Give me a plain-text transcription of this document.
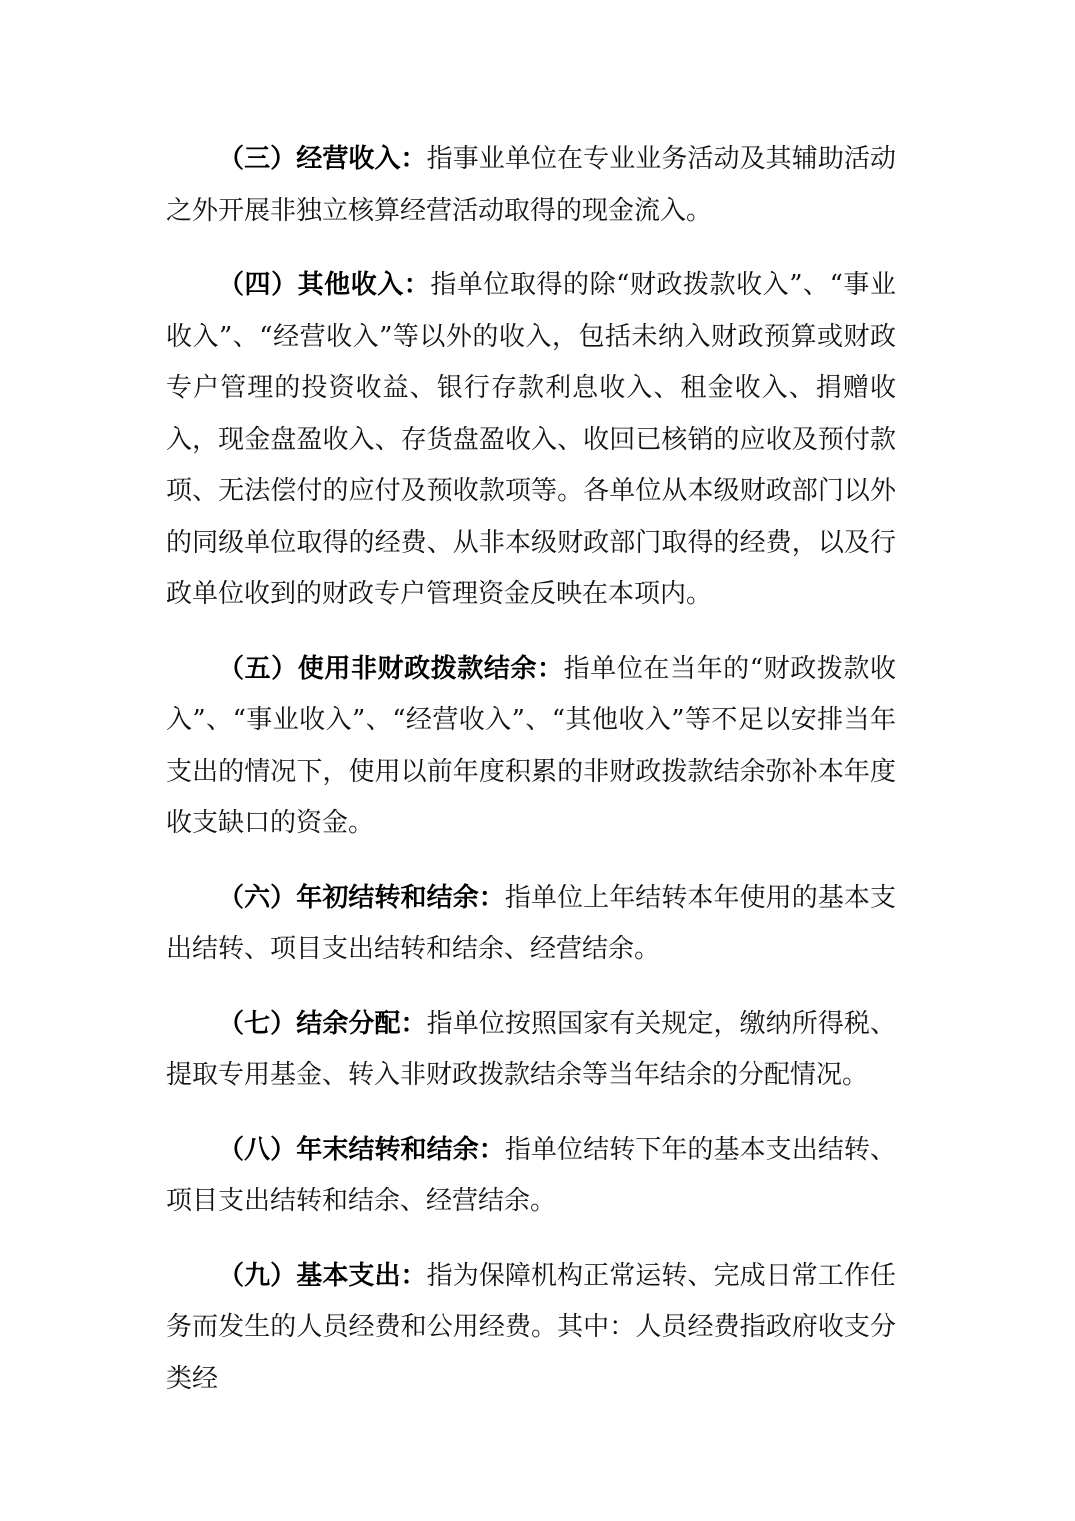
（三）经营收入：指事业单位在专业业务活动及其辅助活动之外开展非独立核算经营活动取得的现金流入。

（四）其他收入：指单位取得的除“财政拨款收入”、“事业收入”、“经营收入”等以外的收入，包括未纳入财政预算或财政专户管理的投资收益、银行存款利息收入、租金收入、捐赠收入，现金盘盈收入、存货盘盈收入、收回已核销的应收及预付款项、无法偿付的应付及预收款项等。各单位从本级财政部门以外的同级单位取得的经费、从非本级财政部门取得的经费，以及行政单位收到的财政专户管理资金反映在本项内。

（五）使用非财政拨款结余：指单位在当年的“财政拨款收入”、“事业收入”、“经营收入”、“其他收入”等不足以安排当年支出的情况下，使用以前年度积累的非财政拨款结余弥补本年度收支缺口的资金。

（六）年初结转和结余：指单位上年结转本年使用的基本支出结转、项目支出结转和结余、经营结余。

（七）结余分配：指单位按照国家有关规定，缴纳所得税、提取专用基金、转入非财政拨款结余等当年结余的分配情况。

（八）年末结转和结余：指单位结转下年的基本支出结转、项目支出结转和结余、经营结余。

（九）基本支出：指为保障机构正常运转、完成日常工作任务而发生的人员经费和公用经费。其中：人员经费指政府收支分类经
